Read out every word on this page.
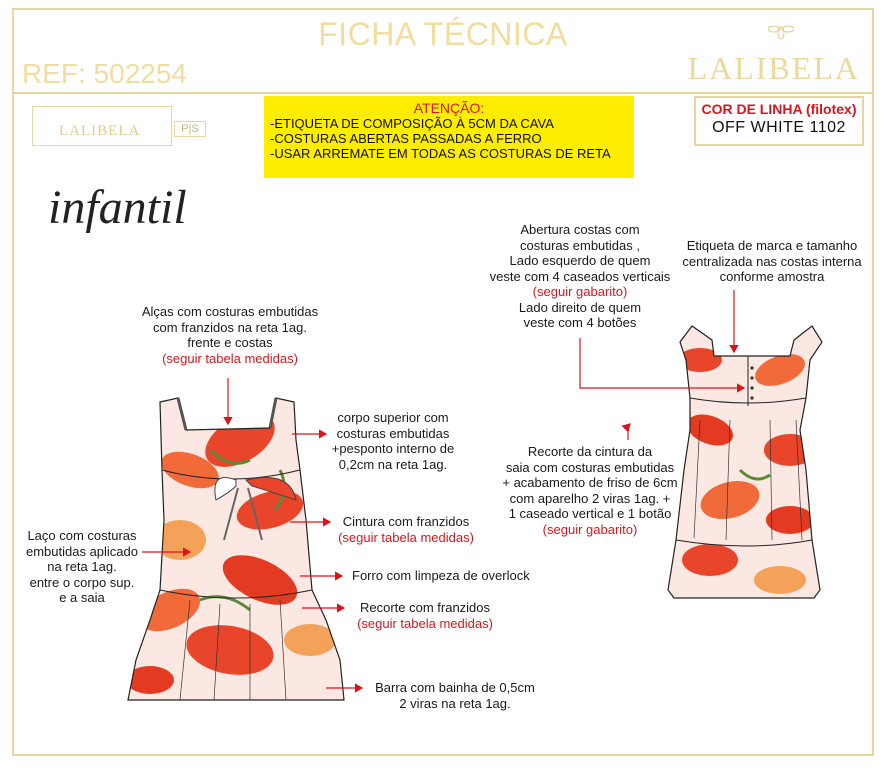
FICHA TÉCNICA
REF: 502254	LALIBELA
LALIBELA	P|S
ATENÇÃO:
-ETIQUETA DE COMPOSIÇÃO À 5CM DA CAVA
-COSTURAS ABERTAS PASSADAS A FERRO
-USAR ARREMATE EM TODAS AS COSTURAS DE RETA
COR DE LINHA (filotex)
OFF WHITE 1102
infantil
Alças com costuras embutidas
com franzidos na reta 1ag.
frente e costas
(seguir tabela medidas)
corpo superior com
costuras embutidas
+pesponto interno de
0,2cm na reta 1ag.
Cintura com franzidos
(seguir tabela medidas)
Laço com costuras
embutidas aplicado
na reta 1ag.
entre o corpo sup.
e a saia
Forro com limpeza de overlock
Recorte com franzidos
(seguir tabela medidas)
Barra com bainha de 0,5cm
2 viras na reta 1ag.
Abertura costas com
costuras embutidas ,
Lado esquerdo de quem
veste com 4 caseados verticais
(seguir gabarito)
Lado direito de quem
veste com 4 botões
Etiqueta de marca e tamanho
centralizada nas costas interna
conforme amostra
Recorte da cintura da
saia com costuras embutidas
+ acabamento de friso de 6cm
com aparelho 2 viras 1ag. +
1 caseado vertical e 1 botão
(seguir gabarito)
